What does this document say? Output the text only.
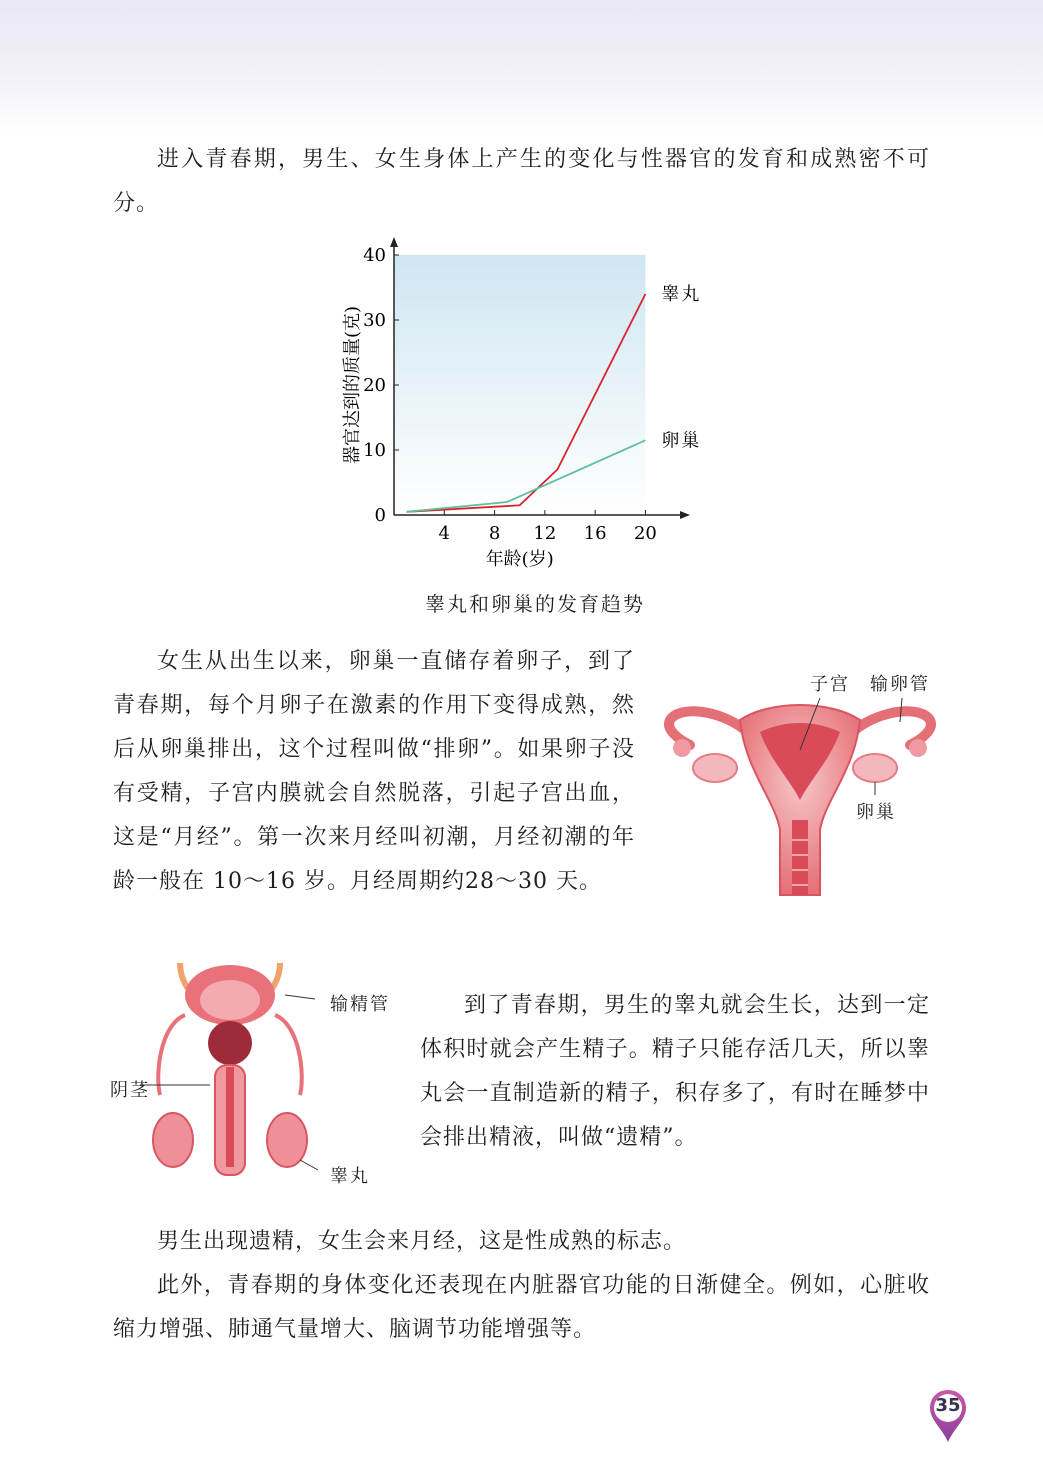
进入青春期，男生、女生身体上产生的变化与性器官的发育和成熟密不可分。

4 8 12 16 20
0
10
20
30
40
睾丸
卵巢
年龄(岁)
器官达到的质量(克)
睾丸和卵巢的发育趋势

女生从出生以来，卵巢一直储存着卵子，到了青春期，每个月卵子在激素的作用下变得成熟，然后从卵巢排出，这个过程叫做“排卵”。如果卵子没有受精，子宫内膜就会自然脱落，引起子宫出血，这是“月经”。第一次来月经叫初潮，月经初潮的年龄一般在 10～16 岁。月经周期约28～30 天。

子宫 输卵管
卵巢
输精管
阴茎
睾丸

到了青春期，男生的睾丸就会生长，达到一定体积时就会产生精子。精子只能存活几天，所以睾丸会一直制造新的精子，积存多了，有时在睡梦中会排出精液，叫做“遗精”。

男生出现遗精，女生会来月经，这是性成熟的标志。

此外，青春期的身体变化还表现在内脏器官功能的日渐健全。例如，心脏收缩力增强、肺通气量增大、脑调节功能增强等。

35
